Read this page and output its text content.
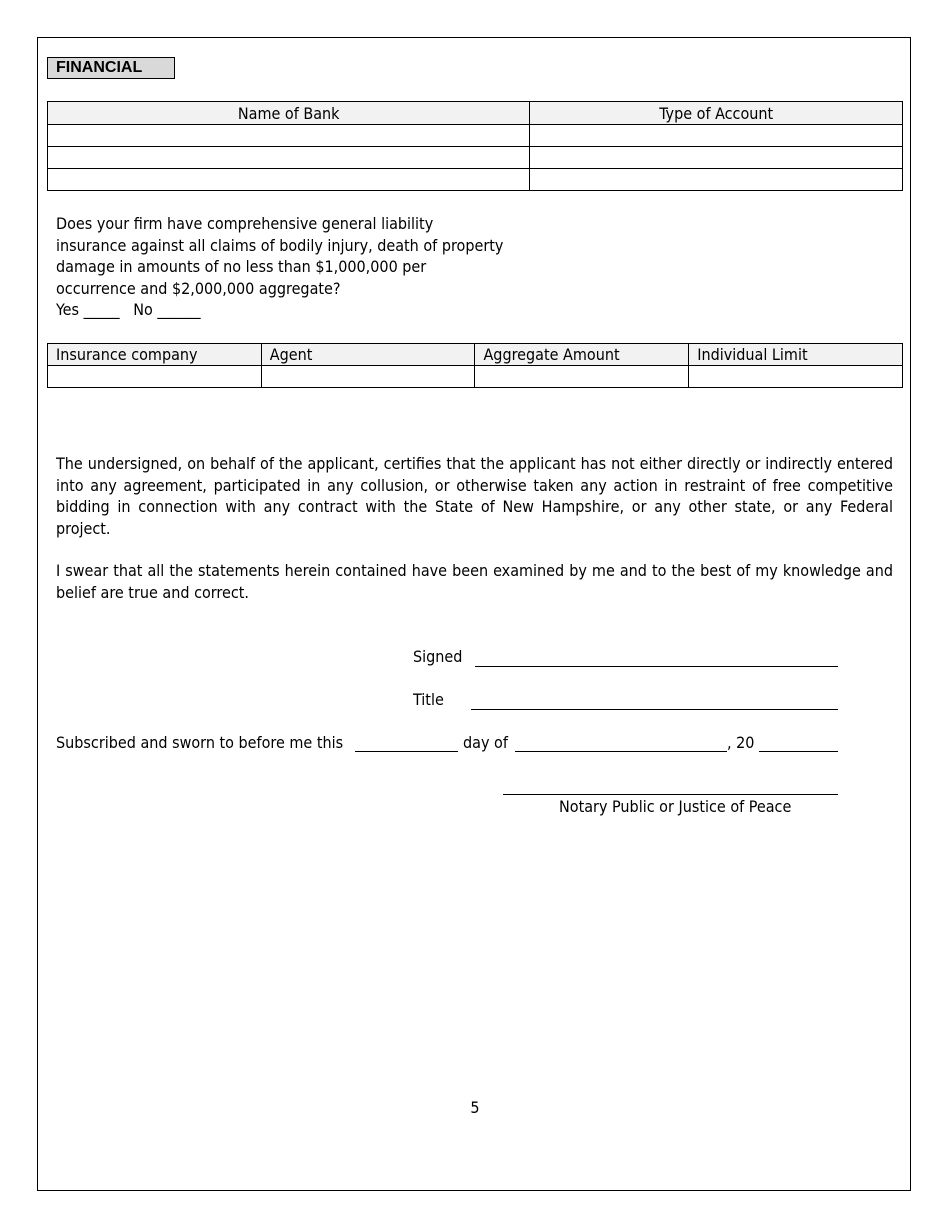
FINANCIAL
Name of Bank	Type of Account

Does your firm have comprehensive general liability insurance against all claims of bodily injury, death of property damage in amounts of no less than $1,000,000 per occurrence and $2,000,000 aggregate?
Yes _____   No ______
Insurance company	Agent	Aggregate Amount	Individual Limit

The undersigned, on behalf of the applicant, certifies that the applicant has not either directly or indirectly entered into any agreement, participated in any collusion, or otherwise taken any action in restraint of free competitive bidding in connection with any contract with the State of New Hampshire, or any other state, or any Federal project.
I swear that all the statements herein contained have been examined by me and to the best of my knowledge and belief are true and correct.
Signed
Title
Subscribed and sworn to before me this	day of	, 20
Notary Public or Justice of Peace
5
